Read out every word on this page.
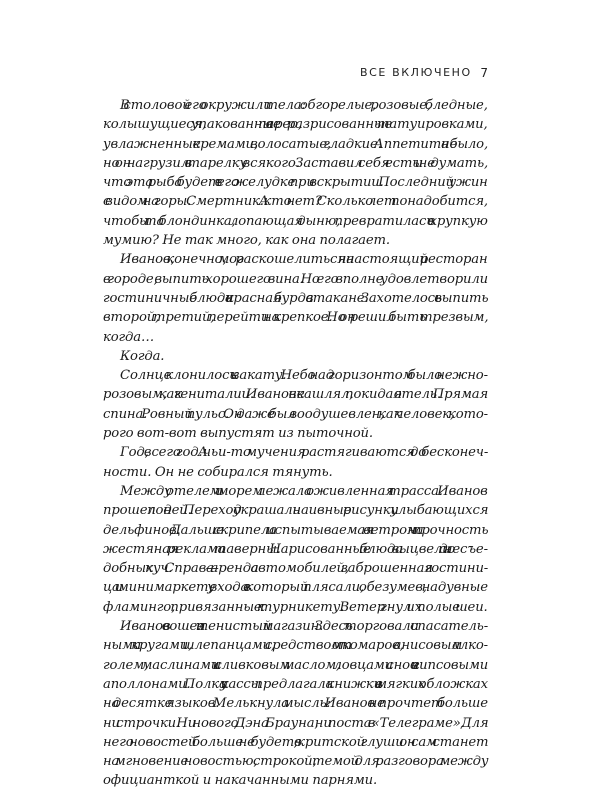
ВСЕ ВКЛЮЧЕНО 7
В столовой его окружили тела: обгорелые, розовые, бледные,
колышущиеся, упакованные в парео, разрисованные татуировками,
увлажненные кремами, волосатые, гладкие. Аппетита не было,
но он нагрузил в тарелку всякого. Заставил себя есть и не думать,
что эта рыба будет в его желудке при вскрытии. Последний ужин
с видом на горы. Смертник. А кто нет? Сколько лет понадобится,
чтобы та блондинка, лопающая дыню, превратилась в хрупкую
мумию? Не так много, как она полагает.
Иванов, конечно, мог раскошелиться на настоящий ресторан
в городе, выпить хорошего вина. Но его вполне удовлетворили
гостиничные блюда и красная бурда в стакане. Захотелось выпить
второй, третий, перейти на крепкое. Но он решил быть трезвым,
когда…
Когда.
Солнце клонилось к закату. Небо над горизонтом было нежно-
розовым, как гениталии. Иванов не кашлял, покидая отель. Прямая
спина. Ровный пульс. Он даже был воодушевлен, как человек, кото-
рого вот-вот выпустят из пыточной.
Год, всего год. А чьи-то мучения растягиваются до бесконеч-
ности. Он не собирался тянуть.
Между отелем и морем лежала оживленная трасса. Иванов
прошел под ней. Переход украшали наивные рисунки улыбающихся
дельфинов. Дальше скрипела испытываемая ветром на прочность
жестяная реклама таверны. Нарисованные блюда выцвели до несъе-
добных куч. Справа — аренда автомобилей, заброшенная гостини-
ца и минимаркет, у входа в который плясали, обезумев, надувные
фламинго, привязанные к турникету. Ветер гнул их полые шеи.
Иванов вошел в тенистый магазин. Здесь торговали спасатель-
ными кругами, шлепанцами, средством от комаров, анисовым алко-
голем, маслинами и сливковым маслом, ловцами снов и гипсовыми
аполлонами. Полка у кассы предлагала книжки в мягких обложках
на десятке языков. Мелькнула мысль: Иванов не прочтет больше
ни строчки. Ни нового Дэна Брауна, ни поста в «Телеграме». Для
него новостей больше не будет; в критской глуши он сам станет
на мгновение новостью, строкой, темой для разговора между
официанткой и накачанными парнями.
